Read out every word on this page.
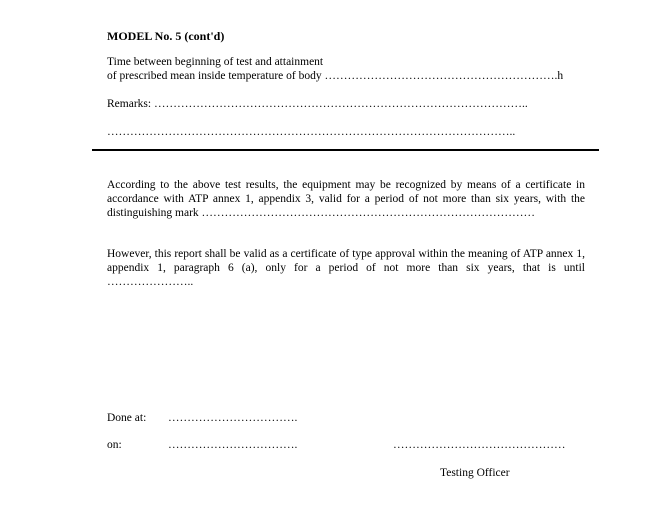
MODEL No. 5 (cont'd)
Time between beginning of test and attainment
of prescribed mean inside temperature of body …………………………………………………….h
Remarks: ……………………………………………………………………………………..
……………………………………………………………………………………………..
According to the above test results, the equipment may be recognized by means of a certificate in
accordance with ATP annex 1, appendix 3, valid for a period of not more than six years, with the
distinguishing mark ……………………………………………………………………………
However, this report shall be valid as a certificate of type approval within the meaning of ATP annex 1,
appendix 1, paragraph 6 (a), only for a period of not more than six years, that is until
…………………..
Done at: …………………………….
on:	…………………………….	………………………………………
Testing Officer
